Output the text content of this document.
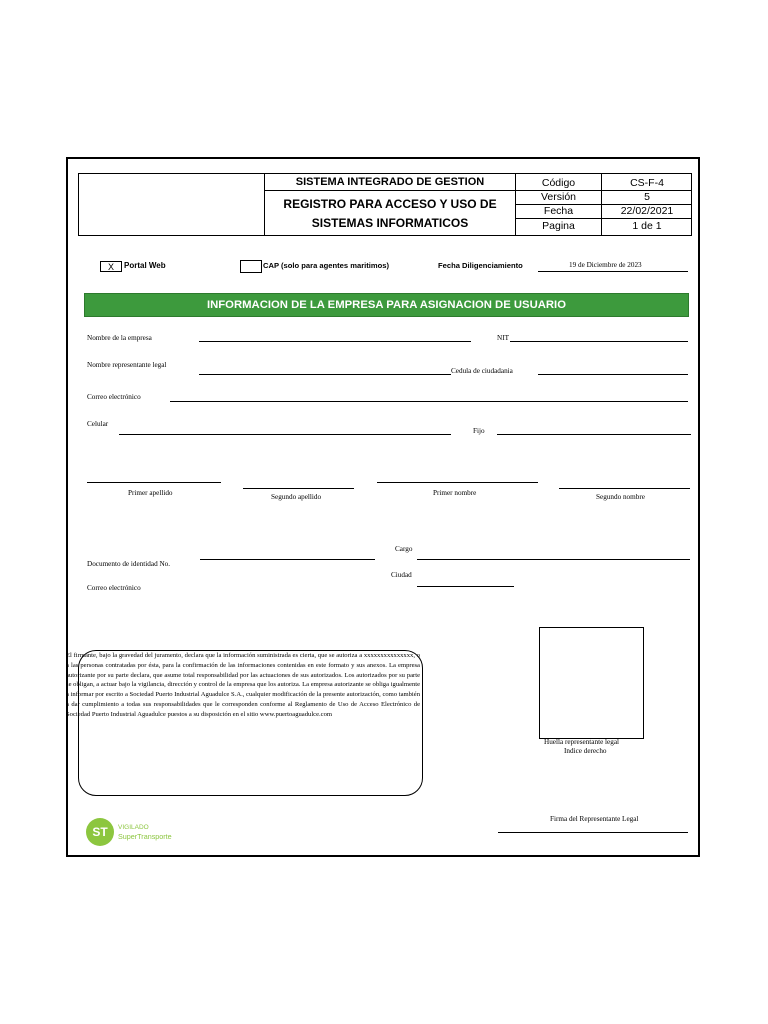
SISTEMA INTEGRADO DE GESTION
REGISTRO PARA ACCESO Y USO DE
SISTEMAS INFORMATICOS
Código	CS-F-4
Versión	5
Fecha	22/02/2021
Pagina	1 de 1
X	Portal Web	CAP (solo para agentes maritimos)	Fecha Diligenciamiento	19 de Diciembre de 2023
INFORMACION DE LA EMPRESA PARA ASIGNACION DE USUARIO
Nombre de la empresa	NIT
Nombre representante legal
Cedula de ciudadania
Correo electrónico
Celular
Fijo
Primer apellido	Segundo apellido	Primer nombre	Segundo nombre
Cargo
Documento de identidad No.
Ciudad
Correo electrónico
El firmante, bajo la gravedad del juramento, declara que la información suministrada es cierta, que se autoriza a xxxxxxxxxxxxxxx, o a las personas contratadas por ésta, para la confirmación de las informaciones contenidas en este formato y sus anexos. La empresa autorizante por su parte declara, que asume total responsabilidad por las actuaciones de sus autorizados. Los autorizados por su parte se obligan, a actuar bajo la vigilancia, dirección y control de la empresa que los autoriza. La empresa autorizante se obliga igualmente a informar por escrito a Sociedad Puerto Industrial Aguadulce S.A., cualquier modificación de la presente autorización, como también a dar cumplimiento a todas sus responsabilidades que le corresponden conforme al Reglamento de Uso de Acceso Electrónico de Sociedad Puerto Industrial Aguadulce puestos a su disposición en el sitio www.puertoaguadulce.com
Huella representante legal
Indice derecho
Firma del Representante Legal
ST VIGILADO
SuperTransporte
